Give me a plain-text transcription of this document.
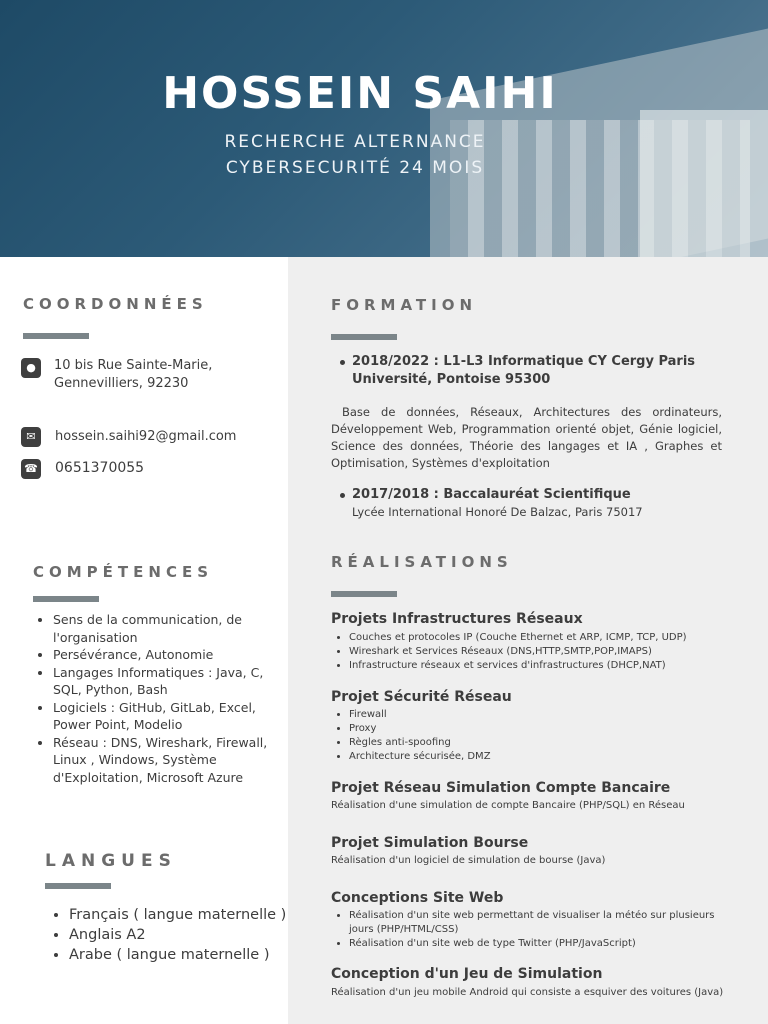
HOSSEIN SAIHI
RECHERCHE ALTERNANCE
CYBERSECURITÉ 24 MOIS
COORDONNÉES
●	10 bis Rue Sainte-Marie,
Gennevilliers, 92230
✉	hossein.saihi92@gmail.com
☎ 0651370055
COMPÉTENCES
• Sens de la communication, de l'organisation
• Persévérance, Autonomie
• Langages Informatiques : Java, C, SQL, Python, Bash
• Logiciels : GitHub, GitLab, Excel, Power Point, Modelio
• Réseau : DNS, Wireshark, Firewall, Linux , Windows, Système d'Exploitation, Microsoft Azure
LANGUES
• Français ( langue maternelle )
• Anglais A2
• Arabe ( langue maternelle )
FORMATION
2018/2022 : L1-L3 Informatique CY Cergy Paris
Université, Pontoise 95300
Base de données, Réseaux, Architectures des ordinateurs, Développement Web, Programmation orienté objet, Génie logiciel, Science des données, Théorie des langages et IA , Graphes et Optimisation, Systèmes d'exploitation
2017/2018 : Baccalauréat Scientifique
Lycée International Honoré De Balzac, Paris 75017
RÉALISATIONS
Projets Infrastructures Réseaux
• Couches et protocoles IP (Couche Ethernet et ARP, ICMP, TCP, UDP)
• Wireshark et Services Réseaux (DNS,HTTP,SMTP,POP,IMAPS)
• Infrastructure réseaux et services d'infrastructures (DHCP,NAT)
Projet Sécurité Réseau
• Firewall
• Proxy
• Règles anti-spoofing
• Architecture sécurisée, DMZ
Projet Réseau Simulation Compte Bancaire
Réalisation d'une simulation de compte Bancaire (PHP/SQL) en Réseau
Projet Simulation Bourse
Réalisation d'un logiciel de simulation de bourse (Java)
Conceptions Site Web
• Réalisation d'un site web permettant de visualiser la météo sur plusieurs jours (PHP/HTML/CSS)
• Réalisation d'un site web de type Twitter (PHP/JavaScript)
Conception d'un Jeu de Simulation
Réalisation d'un jeu mobile Android qui consiste a esquiver des voitures (Java)
